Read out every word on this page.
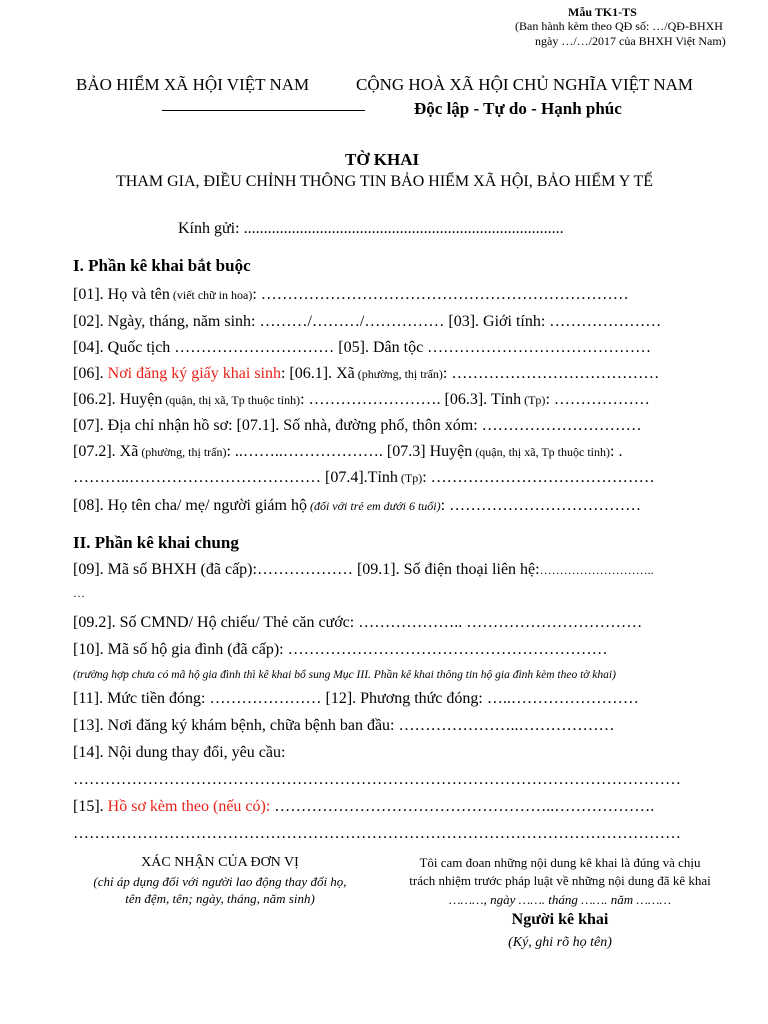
Mẫu TK1-TS
(Ban hành kèm theo QĐ số: …/QĐ-BHXH
ngày …/…/2017 của BHXH Việt Nam)
BẢO HIỂM XÃ HỘI VIỆT NAM	CỘNG HOÀ XÃ HỘI CHỦ NGHĨA VIỆT NAM
Độc lập - Tự do - Hạnh phúc
TỜ KHAI
THAM GIA, ĐIỀU CHỈNH THÔNG TIN BẢO HIỂM XÃ HỘI, BẢO HIỂM Y TẾ
Kính gửi: ................................................................................
I. Phần kê khai bắt buộc
[01]. Họ và tên (viết chữ in hoa): ……………………………………………………………
[02]. Ngày, tháng, năm sinh: ………/………/…………… [03]. Giới tính: …………………
[04]. Quốc tịch ………………………… [05]. Dân tộc ……………………………………
[06]. Nơi đăng ký giấy khai sinh: [06.1]. Xã (phường, thị trấn): …………………………………
[06.2]. Huyện (quận, thị xã, Tp thuộc tỉnh): ……………………. [06.3]. Tỉnh (Tp): ………………
[07]. Địa chỉ nhận hồ sơ: [07.1]. Số nhà, đường phố, thôn xóm: …………………………
[07.2]. Xã (phường, thị trấn): ..……..………………. [07.3] Huyện (quận, thị xã, Tp thuộc tỉnh): .
………..……………………………… [07.4].Tỉnh (Tp): ……………………………………
[08]. Họ tên cha/ mẹ/ người giám hộ (đối với trẻ em dưới 6 tuổi): ………………………………
II. Phần kê khai chung
[09]. Mã số BHXH (đã cấp):……………… [09.1]. Số điện thoại liên hệ:………………………..
…
[09.2]. Số CMND/ Hộ chiếu/ Thẻ căn cước: ……………….. ……………………………
[10]. Mã số hộ gia đình (đã cấp): ……………………………………………………
(trường hợp chưa có mã hộ gia đình thì kê khai bổ sung Mục III. Phần kê khai thông tin hộ gia đình kèm theo tờ khai)
[11]. Mức tiền đóng: ………………… [12]. Phương thức đóng: …..……………………
[13]. Nơi đăng ký khám bệnh, chữa bệnh ban đầu: …………………..………………
[14]. Nội dung thay đổi, yêu cầu:
……………………………………………………………………………………………………
[15]. Hồ sơ kèm theo (nếu có): ……………………………………………..……………….
……………………………………………………………………………………………………
XÁC NHẬN CỦA ĐƠN VỊ
(chỉ áp dụng đối với người lao động thay đổi họ,
tên đệm, tên; ngày, tháng, năm sinh)
Tôi cam đoan những nội dung kê khai là đúng và chịu
trách nhiệm trước pháp luật về những nội dung đã kê khai
………, ngày ……. tháng ……. năm ………
Người kê khai
(Ký, ghi rõ họ tên)
